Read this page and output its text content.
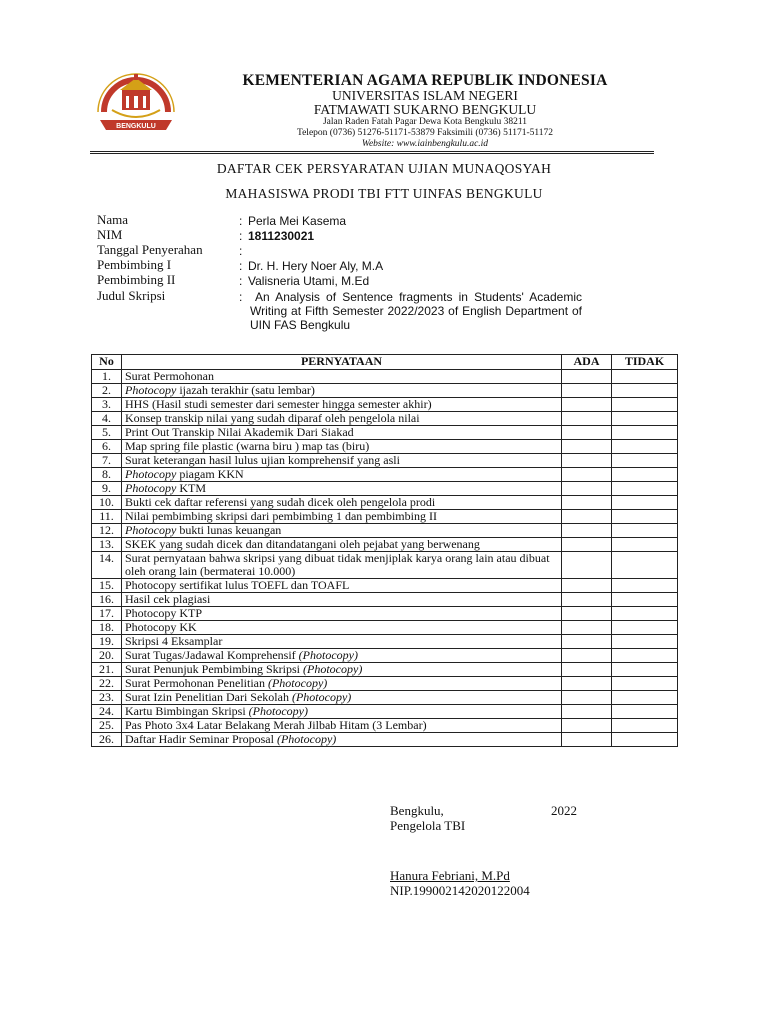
BENGKULU
KEMENTERIAN AGAMA REPUBLIK INDONESIA
UNIVERSITAS ISLAM NEGERI
FATMAWATI SUKARNO BENGKULU
Jalan Raden Fatah Pagar Dewa Kota Bengkulu 38211
Telepon (0736) 51276-51171-53879 Faksimili (0736) 51171-51172
Website: www.iainbengkulu.ac.id
DAFTAR CEK PERSYARATAN UJIAN MUNAQOSYAH
MAHASISWA PRODI TBI FTT UINFAS BENGKULU
Nama	: Perla Mei Kasema
NIM	: 1811230021
Tanggal Penyerahan	:
Pembimbing I	: Dr. H. Hery Noer Aly, M.A
Pembimbing II	: Valisneria Utami, M.Ed
Judul Skripsi	:	An Analysis of Sentence fragments in Students' Academic Writing at Fifth Semester 2022/2023 of English Department of UIN FAS Bengkulu
No	PERNYATAAN	ADA	TIDAK
1.	Surat Permohonan		
2.	Photocopy ijazah terakhir (satu lembar)		
3.	HHS (Hasil studi semester dari semester hingga semester akhir)		
4.	Konsep transkip nilai yang sudah diparaf oleh pengelola nilai		
5.	Print Out Transkip Nilai Akademik Dari Siakad		
6.	Map spring file plastic (warna biru ) map tas (biru)		
7.	Surat keterangan hasil lulus ujian komprehensif yang asli		
8.	Photocopy piagam KKN		
9.	Photocopy KTM		
10.	Bukti cek daftar referensi yang sudah dicek oleh pengelola prodi		
11.	Nilai pembimbing skripsi dari pembimbing 1 dan pembimbing II		
12.	Photocopy bukti lunas keuangan		
13.	SKEK yang sudah dicek dan ditandatangani oleh pejabat yang berwenang		
14.	Surat pernyataan bahwa skripsi yang dibuat tidak menjiplak karya orang lain atau dibuat oleh orang lain (bermaterai 10.000)		
15.	Photocopy sertifikat lulus TOEFL dan TOAFL		
16.	Hasil cek plagiasi		
17.	Photocopy KTP		
18.	Photocopy KK		
19.	Skripsi 4 Eksamplar		
20.	Surat Tugas/Jadawal Komprehensif (Photocopy)		
21.	Surat Penunjuk Pembimbing Skripsi (Photocopy)		
22.	Surat Permohonan Penelitian (Photocopy)		
23.	Surat Izin Penelitian Dari Sekolah (Photocopy)		
24.	Kartu Bimbingan Skripsi (Photocopy)		
25.	Pas Photo 3x4 Latar Belakang Merah Jilbab Hitam (3 Lembar)		
26.	Daftar Hadir Seminar Proposal (Photocopy)		
Bengkulu,	2022
Pengelola TBI
Hanura Febriani, M.Pd
NIP.199002142020122004
